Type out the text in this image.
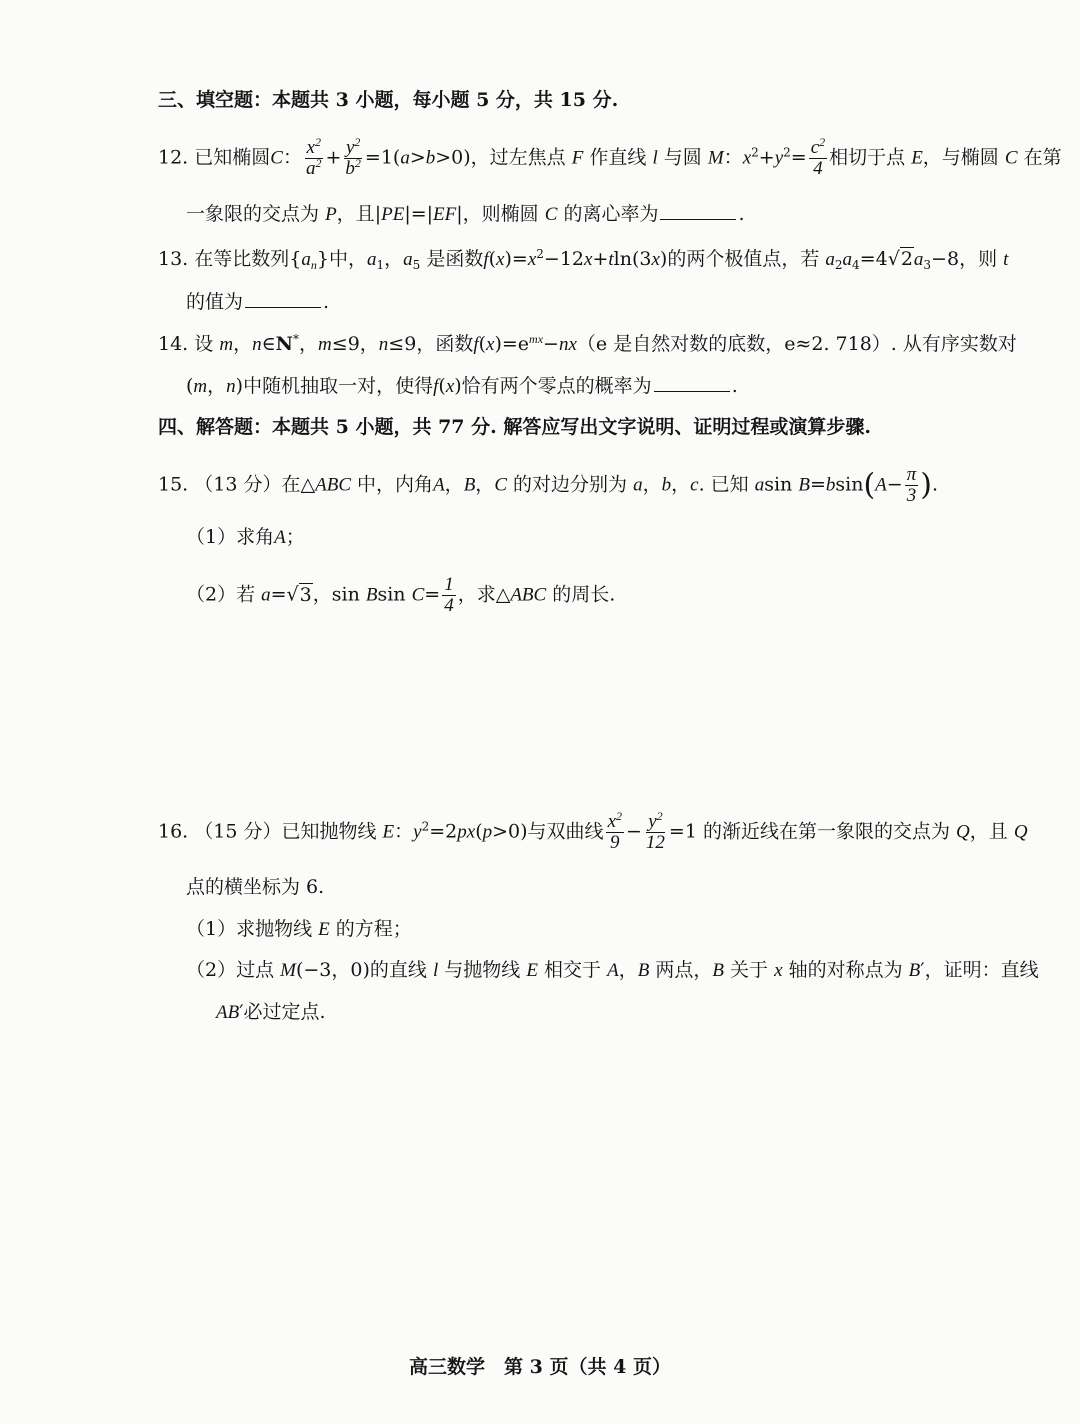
三、填空题：本题共 3 小题，每小题 5 分，共 15 分.
12. 已知椭圆C： $\frac{x^2}{a^2} + \frac{y^2}{b^2} =1(a>b>0)$，过左焦点 F 作直线 l 与圆 M：$x^2+y^2= \frac{c^2}{4}$ 相切于点 E，与椭圆 C 在第
一象限的交点为 P，且|PE|=|EF|，则椭圆 C 的离心率为	.
13. 在等比数列$\{a_n\}$中，$a_1$，$a_5$ 是函数$f(x)=x^2-12x+tln(3x)$的两个极值点，若 $a_2a_4=4√2a_3-8$，则 t
的值为	.
14. 设 m，n∈N*，m≤9，n≤9，函数$f(x)=e^{mx}-nx(e$ 是自然对数的底数，e≈2. 718）. 从有序实数对
(m，n)中随机抽取一对，使得f(x)恰有两个零点的概率为	.
四、解答题：本题共 5 小题，共 77 分. 解答应写出文字说明、证明过程或演算步骤.
15. （13 分）在△ABC 中，内角A，B，C 的对边分别为 a，b，c. 已知 asin $B=bsin(A- \frac{\pi}{3}$ ).
（1）求角A；
（2）若 a=√3，sin Bsin $C= \frac{1}{4}$ ，求△ABC 的周长.
16. （15 分）已知抛物线 E：$y^2=2px(p>0)$与双曲线 $\frac{x^2}{9} - \frac{y^2}{12} =1$ 的渐近线在第一象限的交点为 Q，且 Q
点的横坐标为 6.
（1）求抛物线 E 的方程；
（2）过点 M(−3，0)的直线 l 与抛物线 E 相交于 A，B 两点，B 关于 x 轴的对称点为 B′，证明：直线
AB′必过定点.
高三数学　第 3 页（共 4 页）
